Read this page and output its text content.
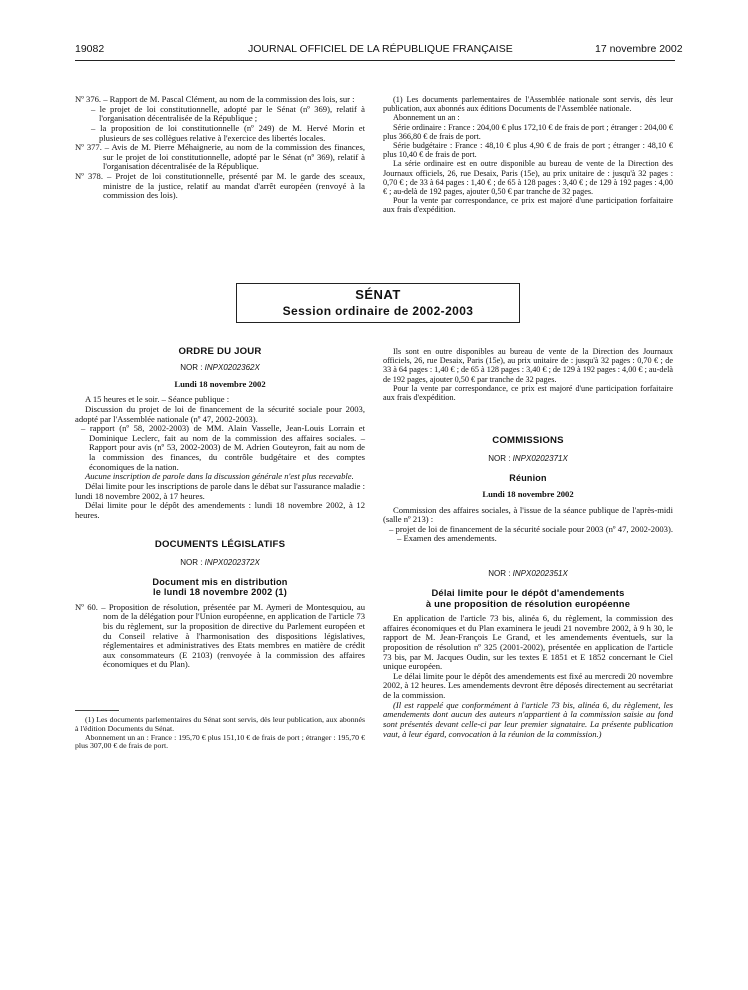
19082	JOURNAL OFFICIEL DE LA RÉPUBLIQUE FRANÇAISE	17 novembre 2002

Nº 376. – Rapport de M. Pascal Clément, au nom de la commission des lois, sur :

– le projet de loi constitutionnelle, adopté par le Sénat (nº 369), relatif à l'organisation décentralisée de la République ;

– la proposition de loi constitutionnelle (nº 249) de M. Hervé Morin et plusieurs de ses collègues relative à l'exercice des libertés locales.

Nº 377. – Avis de M. Pierre Méhaignerie, au nom de la commission des finances, sur le projet de loi constitutionnelle, adopté par le Sénat (nº 369), relatif à l'organisation décentralisée de la République.

Nº 378. – Projet de loi constitutionnelle, présenté par M. le garde des sceaux, ministre de la justice, relatif au mandat d'arrêt européen (renvoyé à la commission des lois).

(1) Les documents parlementaires de l'Assemblée nationale sont servis, dès leur publication, aux abonnés aux éditions Documents de l'Assemblée nationale.

Abonnement un an :

Série ordinaire : France : 204,00 € plus 172,10 € de frais de port ; étranger : 204,00 € plus 366,80 € de frais de port.

Série budgétaire : France : 48,10 € plus 4,90 € de frais de port ; étranger : 48,10 € plus 10,40 € de frais de port.

La série ordinaire est en outre disponible au bureau de vente de la Direction des Journaux officiels, 26, rue Desaix, Paris (15e), au prix unitaire de : jusqu'à 32 pages : 0,70 € ; de 33 à 64 pages : 1,40 € ; de 65 à 128 pages : 3,40 € ; de 129 à 192 pages : 4,00 € ; au-delà de 192 pages, ajouter 0,50 € par tranche de 32 pages.

Pour la vente par correspondance, ce prix est majoré d'une participation forfaitaire aux frais d'expédition.

SÉNAT
Session ordinaire de 2002-2003
ORDRE DU JOUR
NOR : INPX0202362X

Lundi 18 novembre 2002

A 15 heures et le soir. – Séance publique :

Discussion du projet de loi de financement de la sécurité sociale pour 2003, adopté par l'Assemblée nationale (nº 47, 2002-2003).

– rapport (nº 58, 2002-2003) de MM. Alain Vasselle, Jean-Louis Lorrain et Dominique Leclerc, fait au nom de la commission des affaires sociales. – Rapport pour avis (nº 53, 2002-2003) de M. Adrien Gouteyron, fait au nom de la commission des finances, du contrôle budgétaire et des comptes économiques de la nation.

Aucune inscription de parole dans la discussion générale n'est plus recevable.

Délai limite pour les inscriptions de parole dans le débat sur l'assurance maladie : lundi 18 novembre 2002, à 17 heures.

Délai limite pour le dépôt des amendements : lundi 18 novembre 2002, à 12 heures.

DOCUMENTS LÉGISLATIFS
NOR : INPX0202372X
Document mis en distribution
le lundi 18 novembre 2002 (1)

Nº 60. – Proposition de résolution, présentée par M. Aymeri de Montesquiou, au nom de la délégation pour l'Union européenne, en application de l'article 73 bis du règlement, sur la proposition de directive du Parlement européen et du Conseil relative à l'harmonisation des dispositions législatives, réglementaires et administratives des Etats membres en matière de crédit aux consommateurs (E 2103) (renvoyée à la commission des affaires économiques et du Plan).

(1) Les documents parlementaires du Sénat sont servis, dès leur publication, aux abonnés à l'édition Documents du Sénat.

Abonnement un an : France : 195,70 € plus 151,10 € de frais de port ; étranger : 195,70 € plus 307,00 € de frais de port.

Ils sont en outre disponibles au bureau de vente de la Direction des Journaux officiels, 26, rue Desaix, Paris (15e), au prix unitaire de : jusqu'à 32 pages : 0,70 € ; de 33 à 64 pages : 1,40 € ; de 65 à 128 pages : 3,40 € ; de 129 à 192 pages : 4,00 € ; au-delà de 192 pages, ajouter 0,50 € par tranche de 32 pages.

Pour la vente par correspondance, ce prix est majoré d'une participation forfaitaire aux frais d'expédition.

COMMISSIONS
NOR : INPX0202371X
Réunion

Lundi 18 novembre 2002

Commission des affaires sociales, à l'issue de la séance publique de l'après-midi (salle nº 213) :

– projet de loi de financement de la sécurité sociale pour 2003 (nº 47, 2002-2003). – Examen des amendements.

NOR : INPX0202351X
Délai limite pour le dépôt d'amendements
à une proposition de résolution européenne

En application de l'article 73 bis, alinéa 6, du règlement, la commission des affaires économiques et du Plan examinera le jeudi 21 novembre 2002, à 9 h 30, le rapport de M. Jean-François Le Grand, et les amendements éventuels, sur la proposition de résolution nº 325 (2001-2002), présentée en application de l'article 73 bis, par M. Jacques Oudin, sur les textes E 1851 et E 1852 concernant le Ciel unique européen.

Le délai limite pour le dépôt des amendements est fixé au mercredi 20 novembre 2002, à 12 heures. Les amendements devront être déposés directement au secrétariat de la commission.

(Il est rappelé que conformément à l'article 73 bis, alinéa 6, du règlement, les amendements dont aucun des auteurs n'appartient à la commission saisie au fond sont présentés devant celle-ci par leur premier signataire. La présente publication vaut, à leur égard, convocation à la réunion de la commission.)
